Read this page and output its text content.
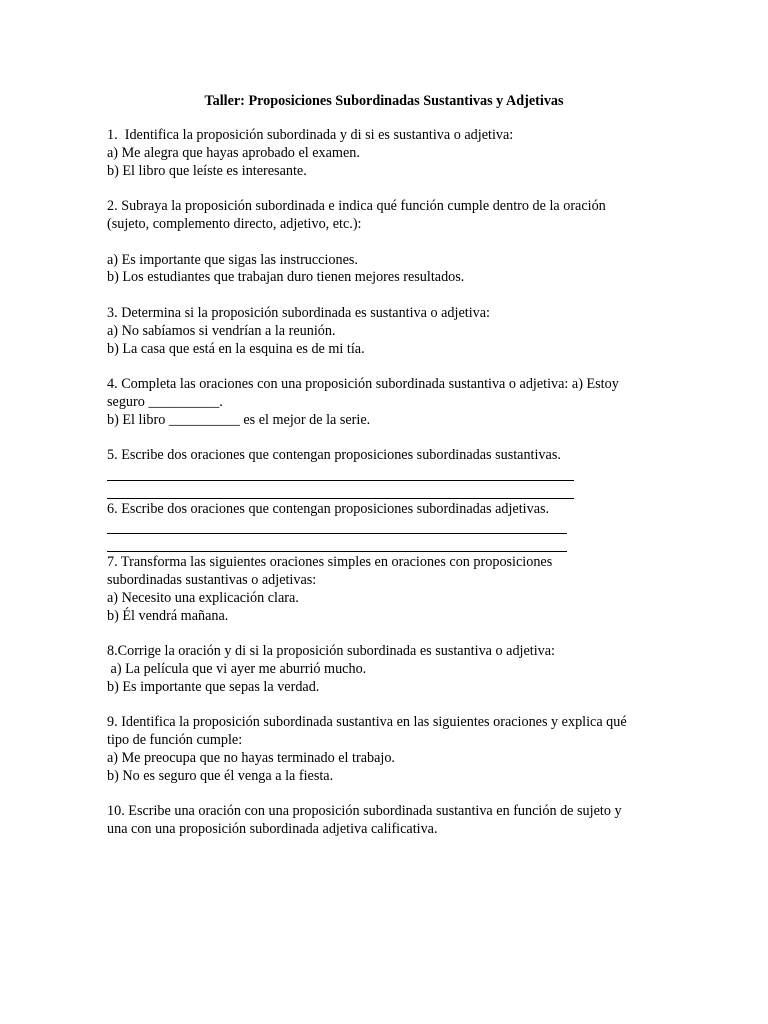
Taller: Proposiciones Subordinadas Sustantivas y Adjetivas
1.  Identifica la proposición subordinada y di si es sustantiva o adjetiva:
a) Me alegra que hayas aprobado el examen.
b) El libro que leíste es interesante.
2. Subraya la proposición subordinada e indica qué función cumple dentro de la oración
(sujeto, complemento directo, adjetivo, etc.):
a) Es importante que sigas las instrucciones.
b) Los estudiantes que trabajan duro tienen mejores resultados.
3. Determina si la proposición subordinada es sustantiva o adjetiva:
a) No sabíamos si vendrían a la reunión.
b) La casa que está en la esquina es de mi tía.
4. Completa las oraciones con una proposición subordinada sustantiva o adjetiva: a) Estoy
seguro __________.
b) El libro __________ es el mejor de la serie.
5. Escribe dos oraciones que contengan proposiciones subordinadas sustantivas.
6. Escribe dos oraciones que contengan proposiciones subordinadas adjetivas.
7. Transforma las siguientes oraciones simples en oraciones con proposiciones
subordinadas sustantivas o adjetivas:
a) Necesito una explicación clara.
b) Él vendrá mañana.
8.Corrige la oración y di si la proposición subordinada es sustantiva o adjetiva:
a) La película que vi ayer me aburrió mucho.
b) Es importante que sepas la verdad.
9. Identifica la proposición subordinada sustantiva en las siguientes oraciones y explica qué
tipo de función cumple:
a) Me preocupa que no hayas terminado el trabajo.
b) No es seguro que él venga a la fiesta.
10. Escribe una oración con una proposición subordinada sustantiva en función de sujeto y
una con una proposición subordinada adjetiva calificativa.
